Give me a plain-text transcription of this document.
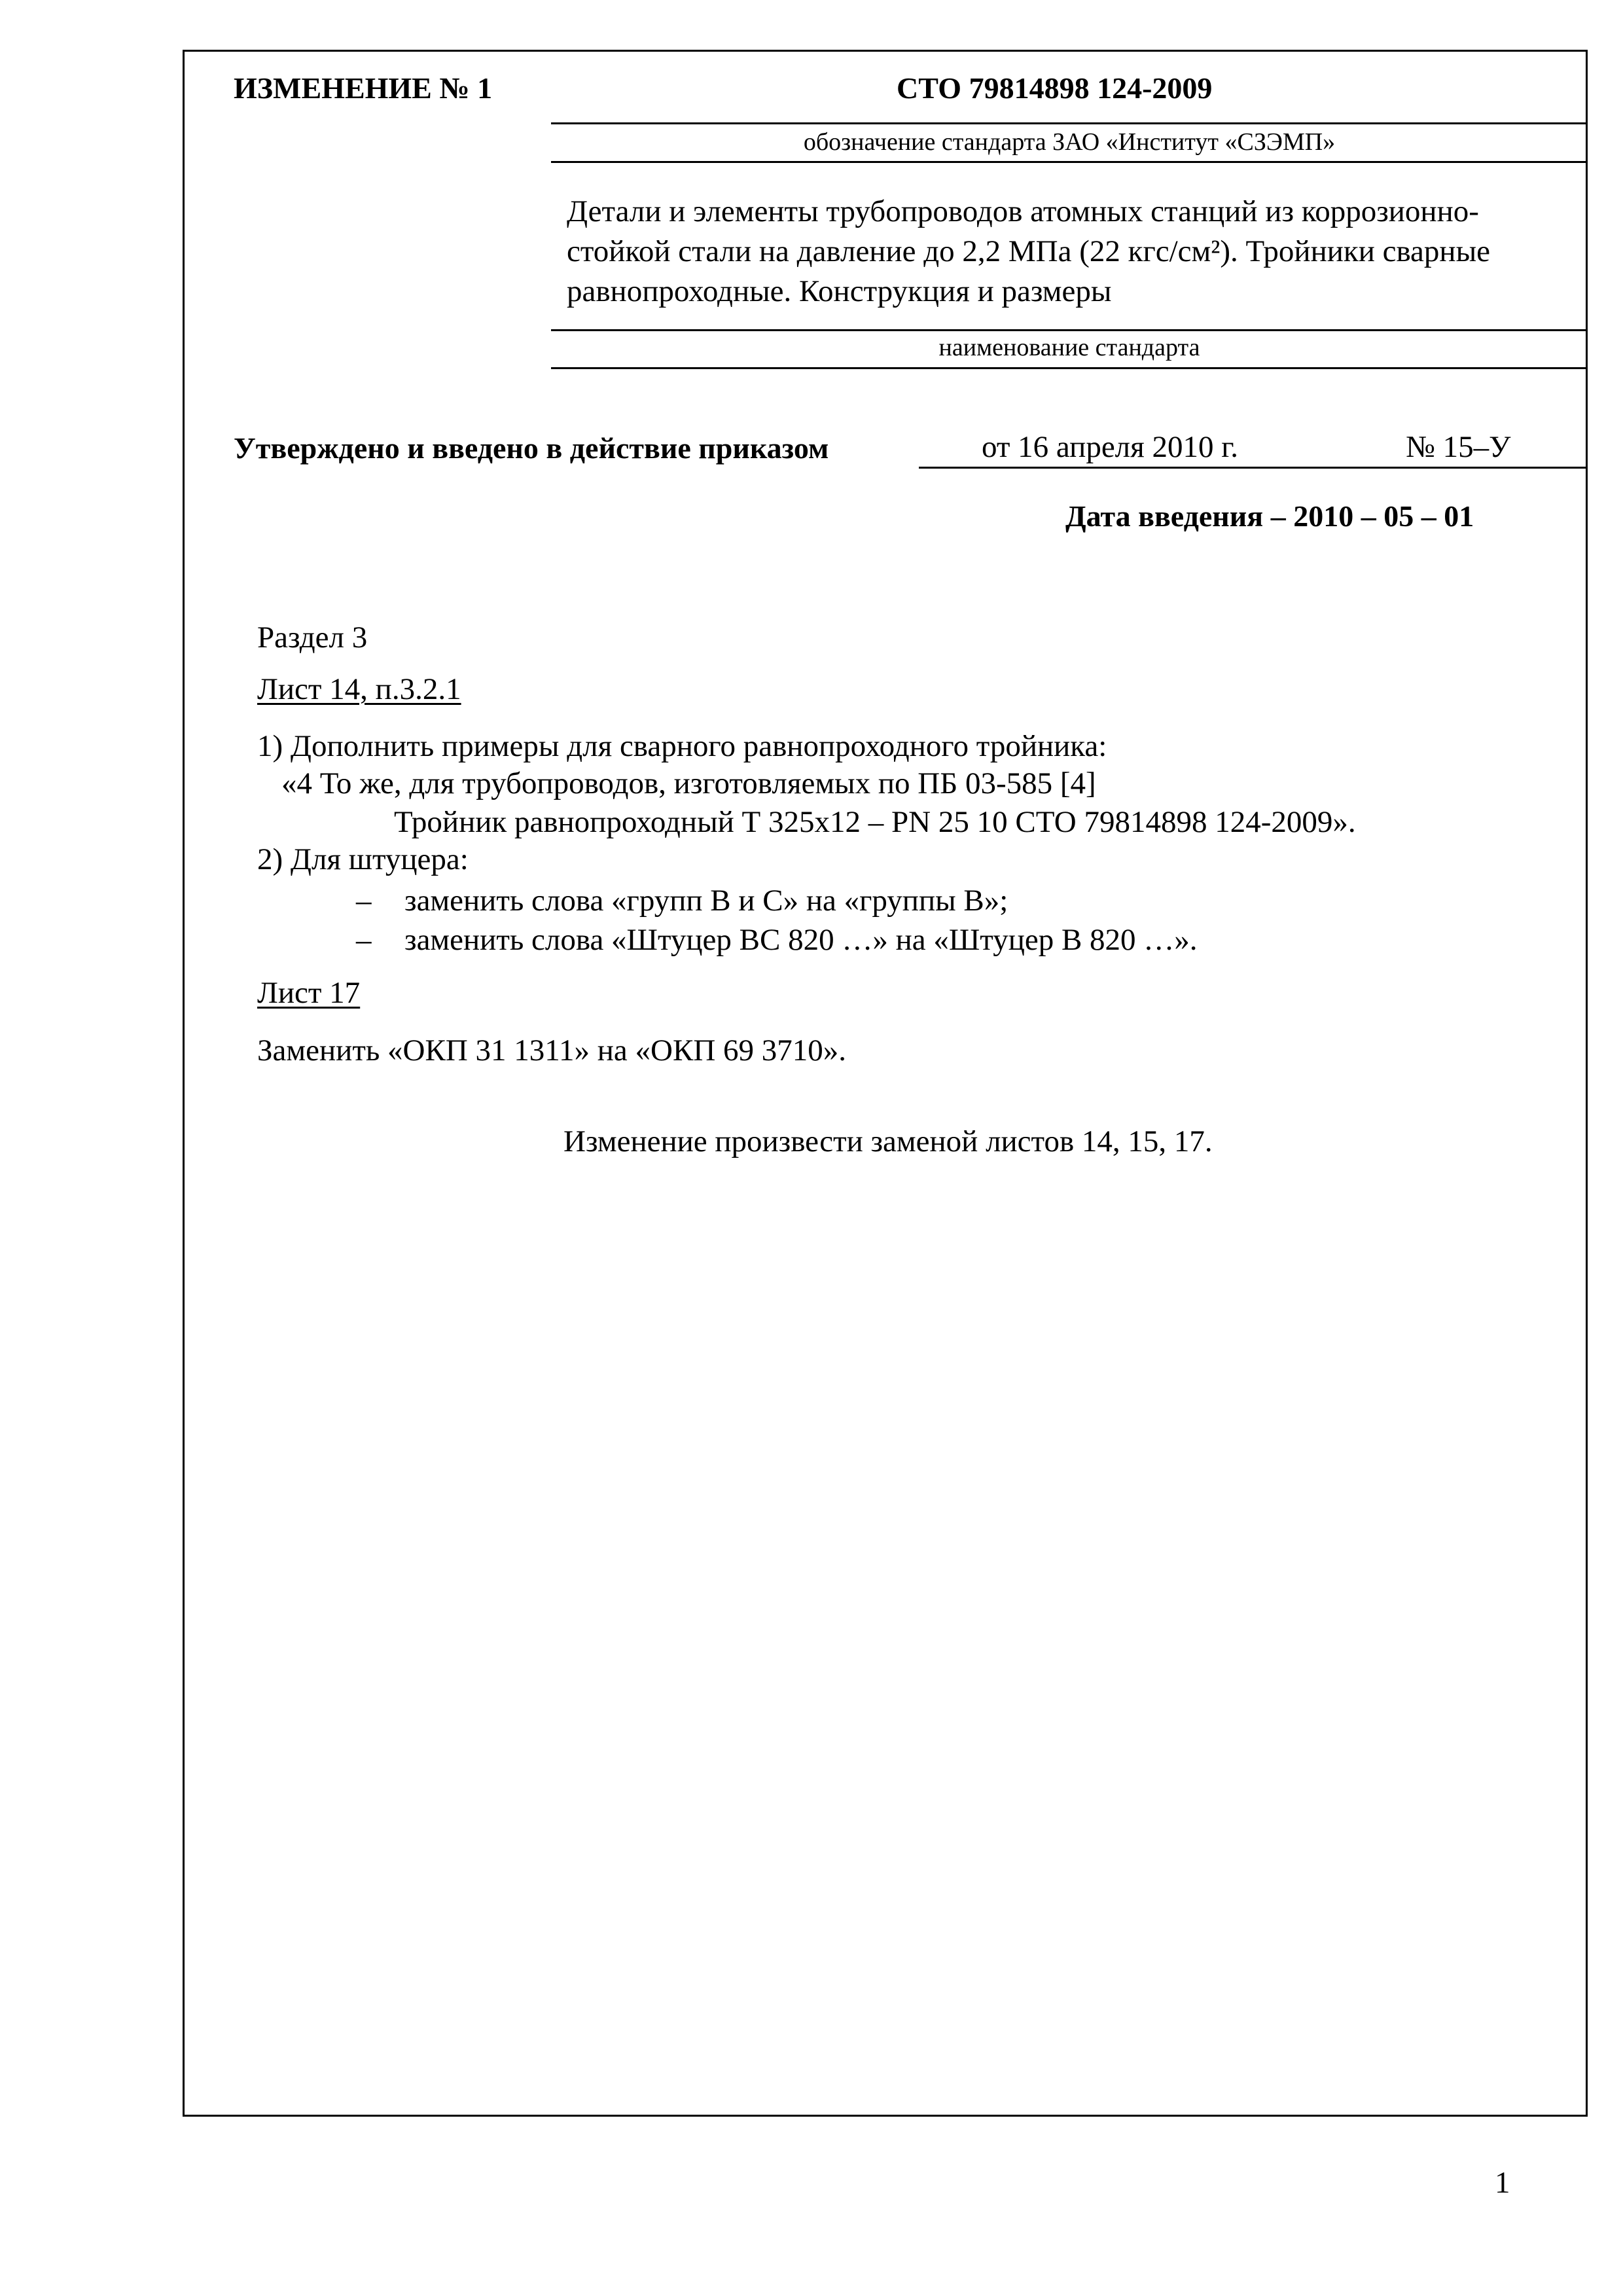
ИЗМЕНЕНИЕ № 1	СТО 79814898 124-2009
обозначение стандарта ЗАО «Институт «СЗЭМП»
Детали и элементы трубопроводов атомных станций из коррозионно-стойкой стали на давление до 2,2 МПа (22 кгс/см²). Тройники сварные равнопроходные. Конструкция и размеры
наименование стандарта
Утверждено и введено в действие приказом	от 16 апреля 2010 г.	№ 15–У
Дата введения – 2010 – 05 – 01
Раздел 3
Лист 14, п.3.2.1
1) Дополнить примеры для сварного равнопроходного тройника:
«4 То же, для трубопроводов, изготовляемых по ПБ 03-585 [4]
Тройник равнопроходный Т 325х12 – PN 25 10 СТО 79814898 124-2009».
2) Для штуцера:
– заменить слова «групп В и С» на «группы В»;
– заменить слова «Штуцер ВС 820 …» на «Штуцер В 820 …».
Лист 17
Заменить «ОКП 31 1311» на «ОКП 69 3710».
Изменение произвести заменой листов 14, 15, 17.
1
